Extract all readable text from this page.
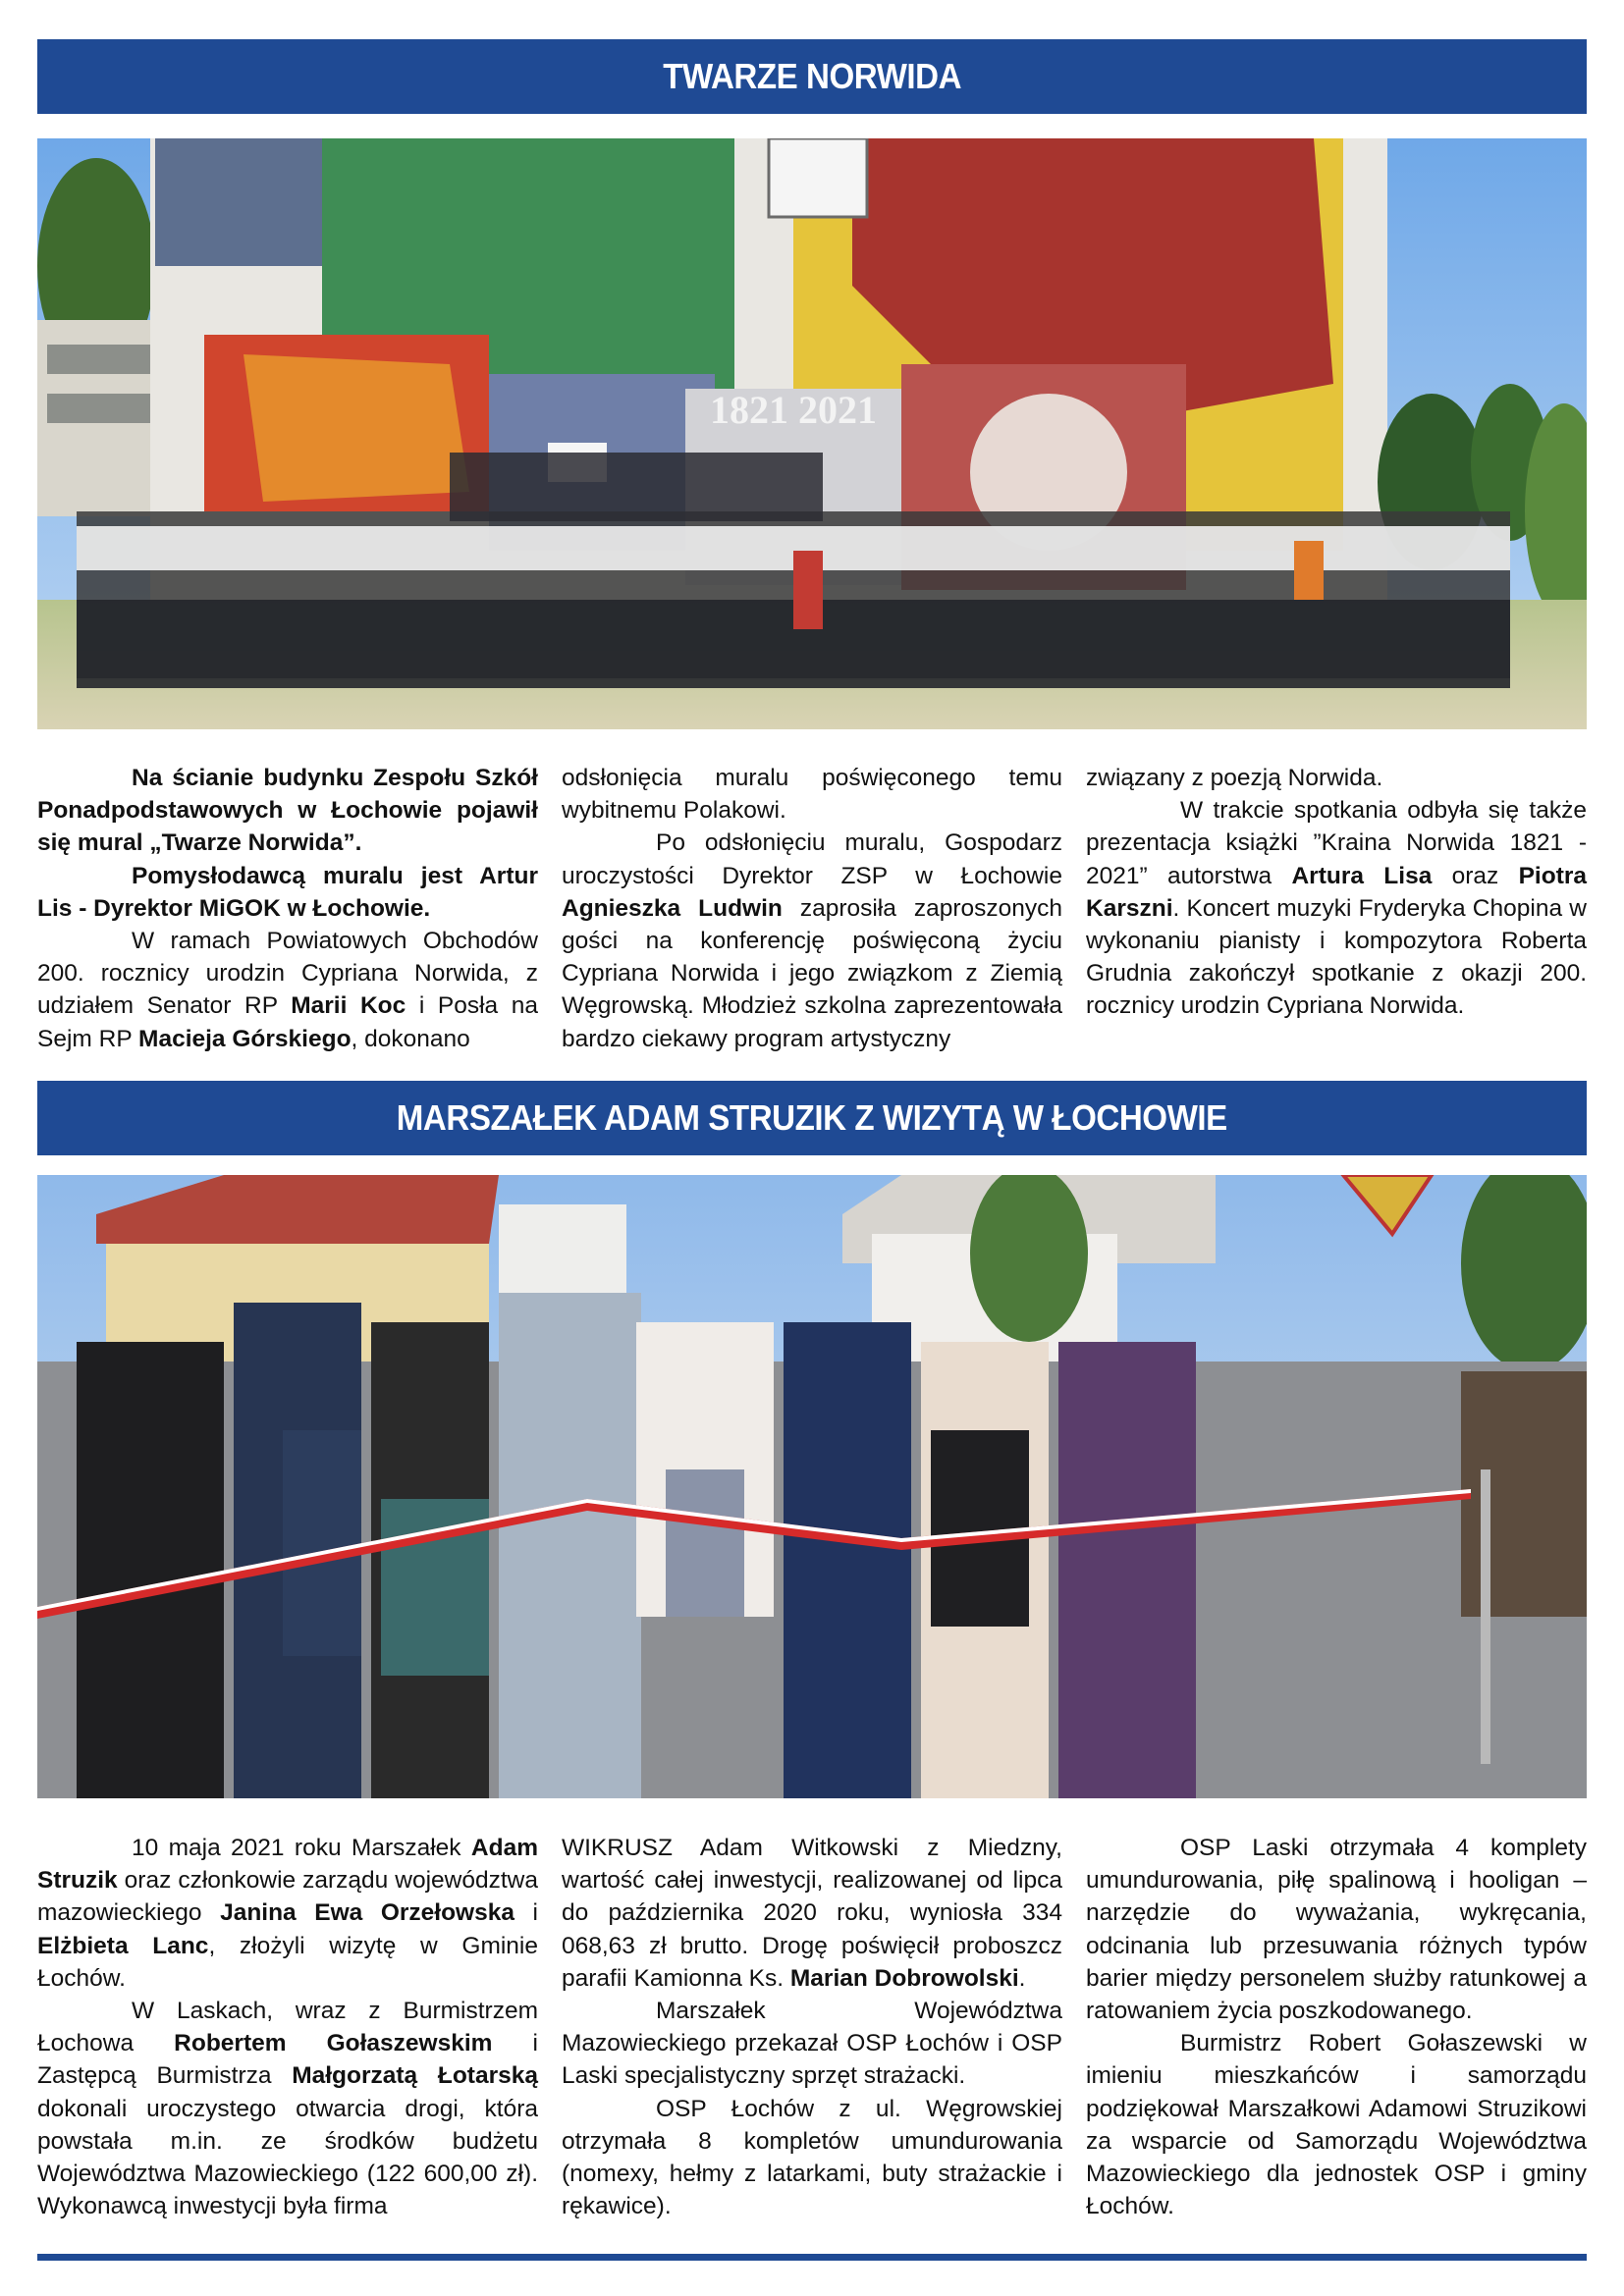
TWARZE NORWIDA
1821 2021

Na ścianie budynku Zespołu Szkół Ponadpodstawowych w Łochowie pojawił się mural „Twarze Norwida”.

Pomysłodawcą muralu jest Artur Lis - Dyrektor MiGOK w Łochowie.

W ramach Powiatowych Obchodów 200. rocznicy urodzin Cypriana Norwida, z udziałem Senator RP Marii Koc i Posła na Sejm RP Macieja Górskiego, dokonano

odsłonięcia muralu poświęconego temu wybitnemu Polakowi.

Po odsłonięciu muralu, Gospodarz uroczystości Dyrektor ZSP w Łochowie Agnieszka Ludwin zaprosiła zaproszonych gości na konferencję poświęconą życiu Cypriana Norwida i jego związkom z Ziemią Węgrowską. Młodzież szkolna zaprezentowała bardzo ciekawy program artystyczny

związany z poezją Norwida.

W trakcie spotkania odbyła się także prezentacja książki ”Kraina Norwida 1821 - 2021” autorstwa Artura Lisa oraz Piotra Karszni. Koncert muzyki Fryderyka Chopina w wykonaniu pianisty i kompozytora Roberta Grudnia zakończył spotkanie z okazji 200. rocznicy urodzin Cypriana Norwida.

MARSZAŁEK ADAM STRUZIK Z WIZYTĄ W ŁOCHOWIE

10 maja 2021 roku Marszałek Adam Struzik oraz członkowie zarządu województwa mazowieckiego Janina Ewa Orzełowska i Elżbieta Lanc, złożyli wizytę w Gminie Łochów.

W Laskach, wraz z Burmistrzem Łochowa Robertem Gołaszewskim i Zastępcą Burmistrza Małgorzatą Łotarską dokonali uroczystego otwarcia drogi, która powstała m.in. ze środków budżetu Województwa Mazowieckiego (122 600,00 zł). Wykonawcą inwestycji była firma

WIKRUSZ Adam Witkowski z Miedzny, wartość całej inwestycji, realizowanej od lipca do października 2020 roku, wyniosła 334 068,63 zł brutto. Drogę poświęcił proboszcz parafii Kamionna Ks. Marian Dobrowolski.

Marszałek Województwa Mazowieckiego przekazał OSP Łochów i OSP Laski specjalistyczny sprzęt strażacki.

OSP Łochów z ul. Węgrowskiej otrzymała 8 kompletów umundurowania (nomexy, hełmy z latarkami, buty strażackie i rękawice).

OSP Laski otrzymała 4 komplety umundurowania, piłę spalinową i hooligan – narzędzie do wyważania, wykręcania, odcinania lub przesuwania różnych typów barier między personelem służby ratunkowej a ratowaniem życia poszkodowanego.

Burmistrz Robert Gołaszewski w imieniu mieszkańców i samorządu podziękował Marszałkowi Adamowi Struzikowi za wsparcie od Samorządu Województwa Mazowieckiego dla jednostek OSP i gminy Łochów.
